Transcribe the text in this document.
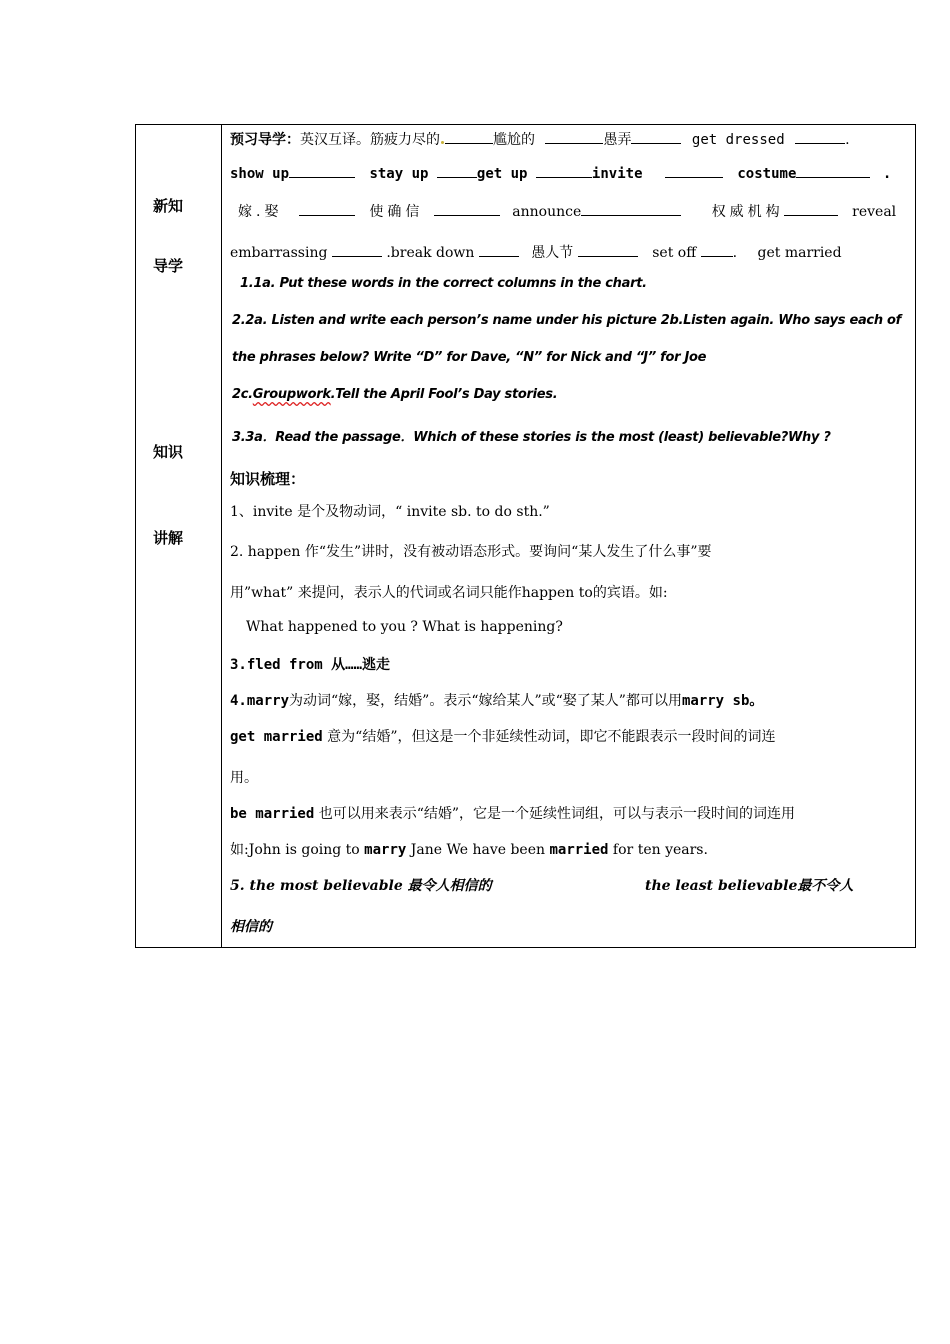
新知
导学
知识
讲解
预习导学：英汉互译。筋疲力尽的	尴尬的	愚弄	get dressed	.
show up	stay up	get up	invite	costume	.
嫁.娶	使确信	announce	权威机构	reveal
embarrassing	.break down	愚人节	set off	. get married
1.1a. Put these words in the correct columns in the chart.
2.2a. Listen and write each person’s name under his picture 2b.Listen again. Who says each of
the phrases below? Write “D” for Dave, “N” for Nick and “J” for Joe
2c.Groupwork.Tell the April Fool’s Day stories.
3.3a．Read the passage．Which of these stories is the most (least) believable?Why ?
知识梳理：
1、invite 是个及物动词，“ invite sb. to do sth.”
2. happen 作“发生”讲时，没有被动语态形式。要询问“某人发生了什么事”要
用”what” 来提问，表示人的代词或名词只能作happen to的宾语。如:
What happened to you ? What is happening?
3.fled from 从……逃走
4.marry为动词“嫁，娶，结婚”。表示“嫁给某人”或“娶了某人”都可以用marry sb。
get married 意为“结婚”，但这是一个非延续性动词，即它不能跟表示一段时间的词连
用。
be married 也可以用来表示“结婚”，它是一个延续性词组，可以与表示一段时间的词连用
如:John is going to marry Jane We have been married for ten years.
5. the most believable 最令人相信的	the least believable最不令人
相信的
